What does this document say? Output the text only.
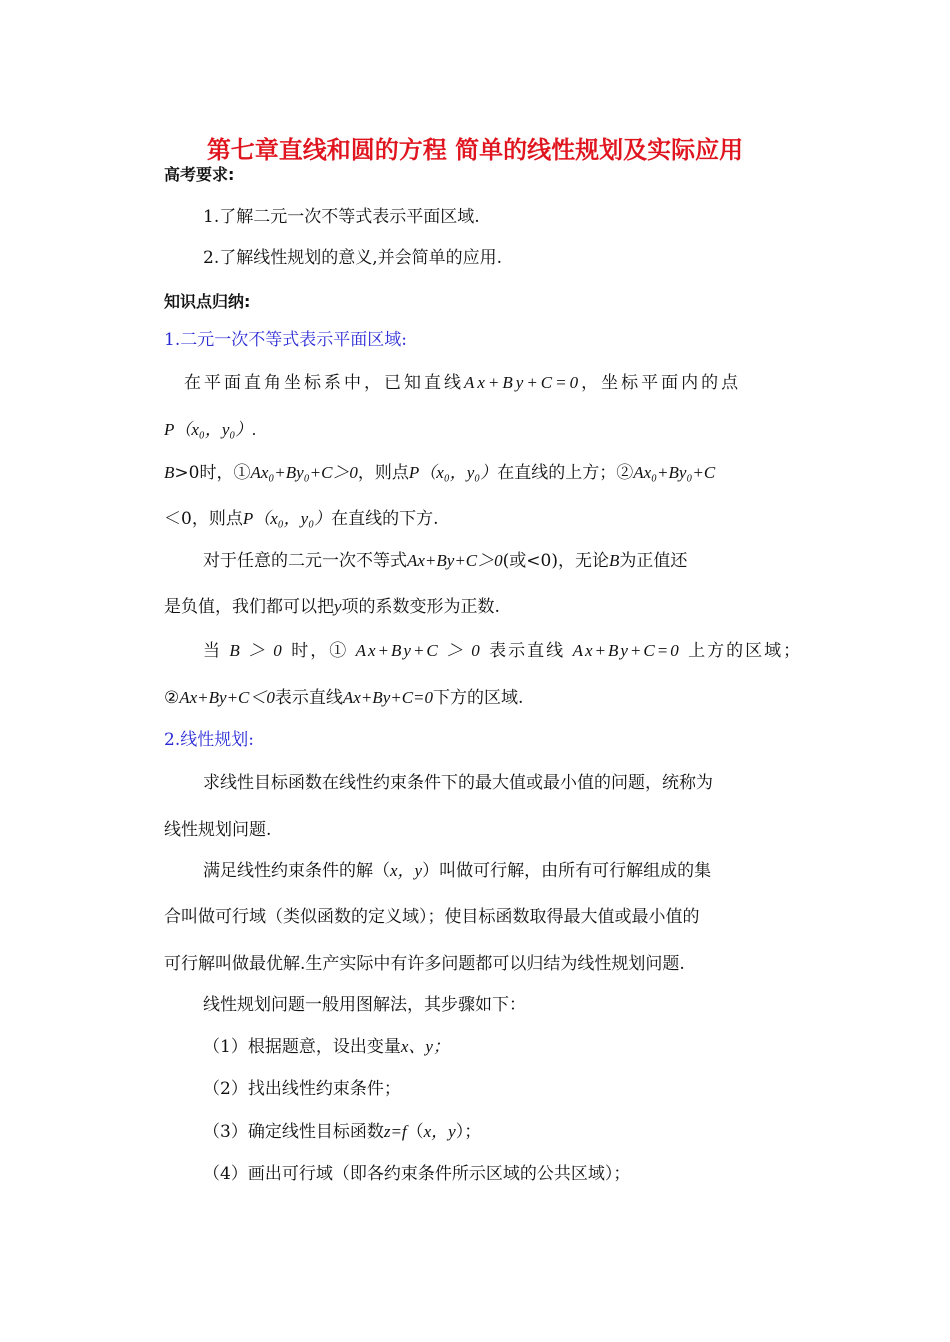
第七章直线和圆的方程 简单的线性规划及实际应用
高考要求:
1.了解二元一次不等式表示平面区域.
2.了解线性规划的意义,并会简单的应用.
知识点归纳:
1.二元一次不等式表示平面区域:
在平面直角坐标系中，已知直线Ax+By+C=0，坐标平面内的点
P（x₀，y₀）.
B>0时，①Ax₀+By₀+C＞0，则点P（x₀，y₀）在直线的上方；②Ax₀+By₀+C
＜0，则点P（x₀，y₀）在直线的下方.
对于任意的二元一次不等式Ax+By+C＞0(或<0)，无论B为正值还
是负值，我们都可以把y项的系数变形为正数.
当 B ＞ 0 时，① Ax+By+C ＞ 0 表示直线 Ax+By+C=0 上方的区域；
②Ax+By+C＜0表示直线Ax+By+C=0下方的区域.
2.线性规划:
求线性目标函数在线性约束条件下的最大值或最小值的问题，统称为
线性规划问题.
满足线性约束条件的解（x，y）叫做可行解，由所有可行解组成的集
合叫做可行域（类似函数的定义域）；使目标函数取得最大值或最小值的
可行解叫做最优解.生产实际中有许多问题都可以归结为线性规划问题.
线性规划问题一般用图解法，其步骤如下：
（1）根据题意，设出变量x、y；
（2）找出线性约束条件；
（3）确定线性目标函数z=f（x，y）；
（4）画出可行域（即各约束条件所示区域的公共区域）；
